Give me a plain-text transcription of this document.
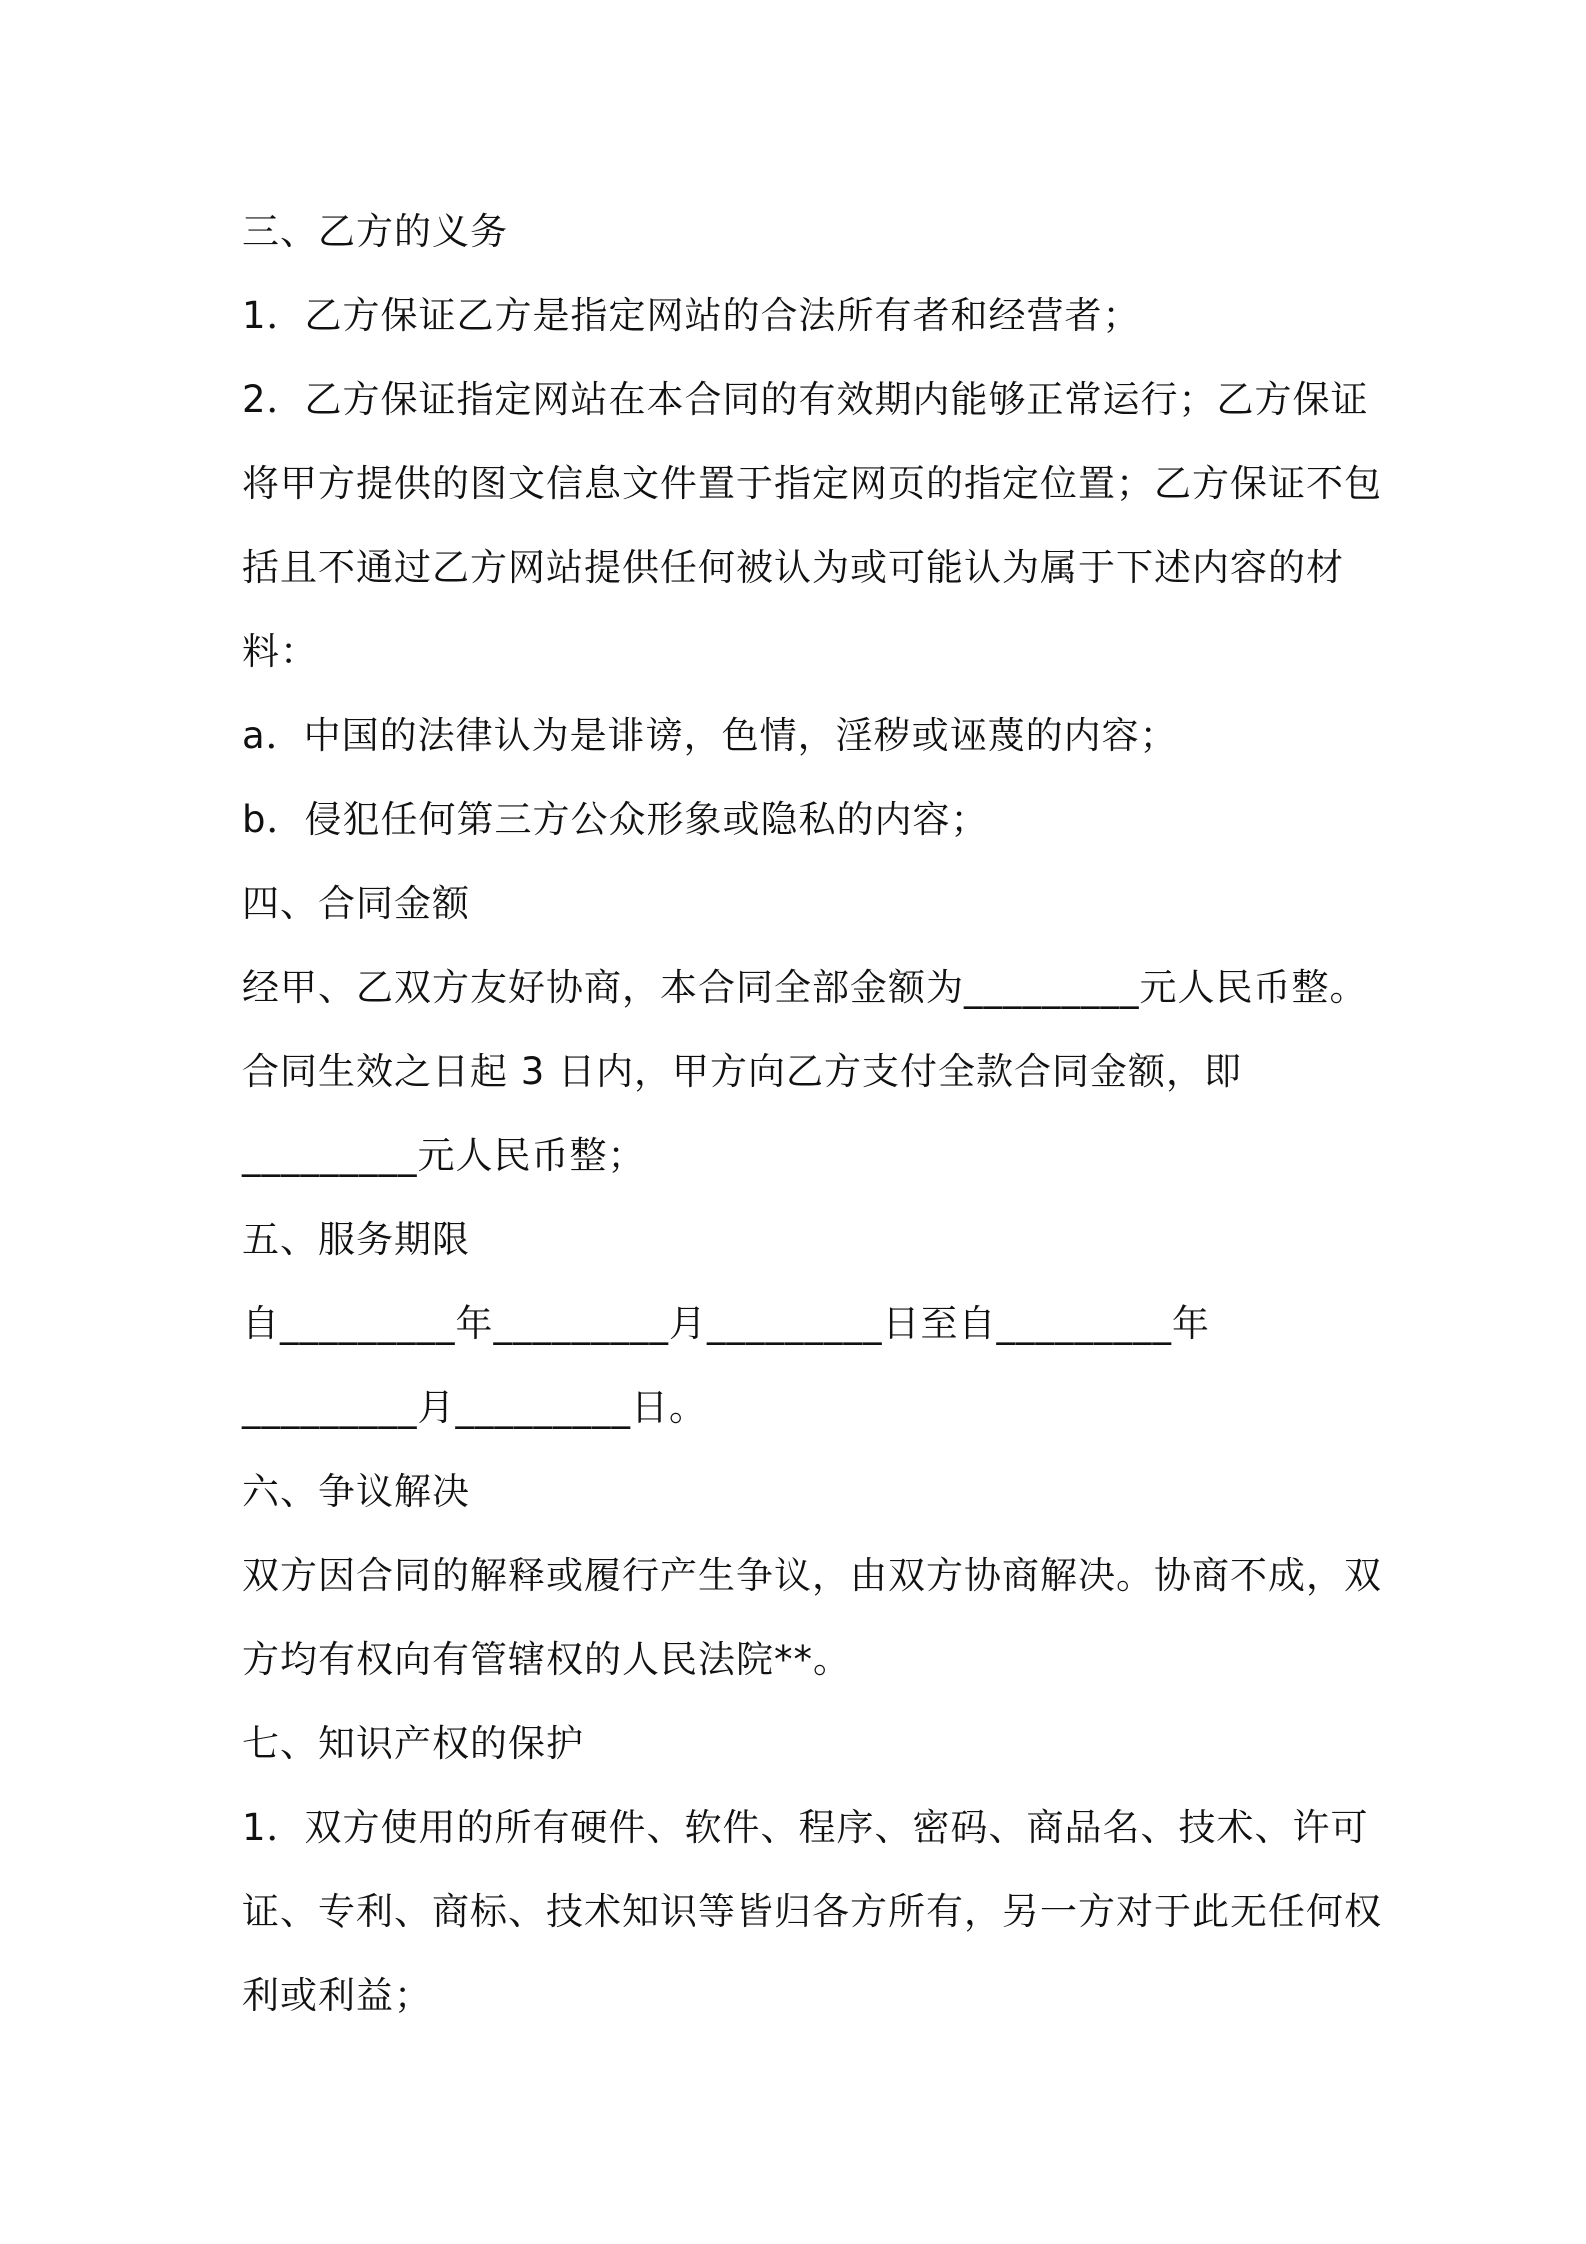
三、乙方的义务
1．乙方保证乙方是指定网站的合法所有者和经营者；
2．乙方保证指定网站在本合同的有效期内能够正常运行；乙方保证
将甲方提供的图文信息文件置于指定网页的指定位置；乙方保证不包
括且不通过乙方网站提供任何被认为或可能认为属于下述内容的材
料：
a．中国的法律认为是诽谤，色情，淫秽或诬蔑的内容；
b．侵犯任何第三方公众形象或隐私的内容；
四、合同金额
经甲、乙双方友好协商，本合同全部金额为_________元人民币整。
合同生效之日起 3 日内，甲方向乙方支付全款合同金额，即
_________元人民币整；
五、服务期限
自_________年_________月_________日至自_________年
_________月_________日。
六、争议解决
双方因合同的解释或履行产生争议，由双方协商解决。协商不成，双
方均有权向有管辖权的人民法院**。
七、知识产权的保护
1．双方使用的所有硬件、软件、程序、密码、商品名、技术、许可
证、专利、商标、技术知识等皆归各方所有，另一方对于此无任何权
利或利益；
